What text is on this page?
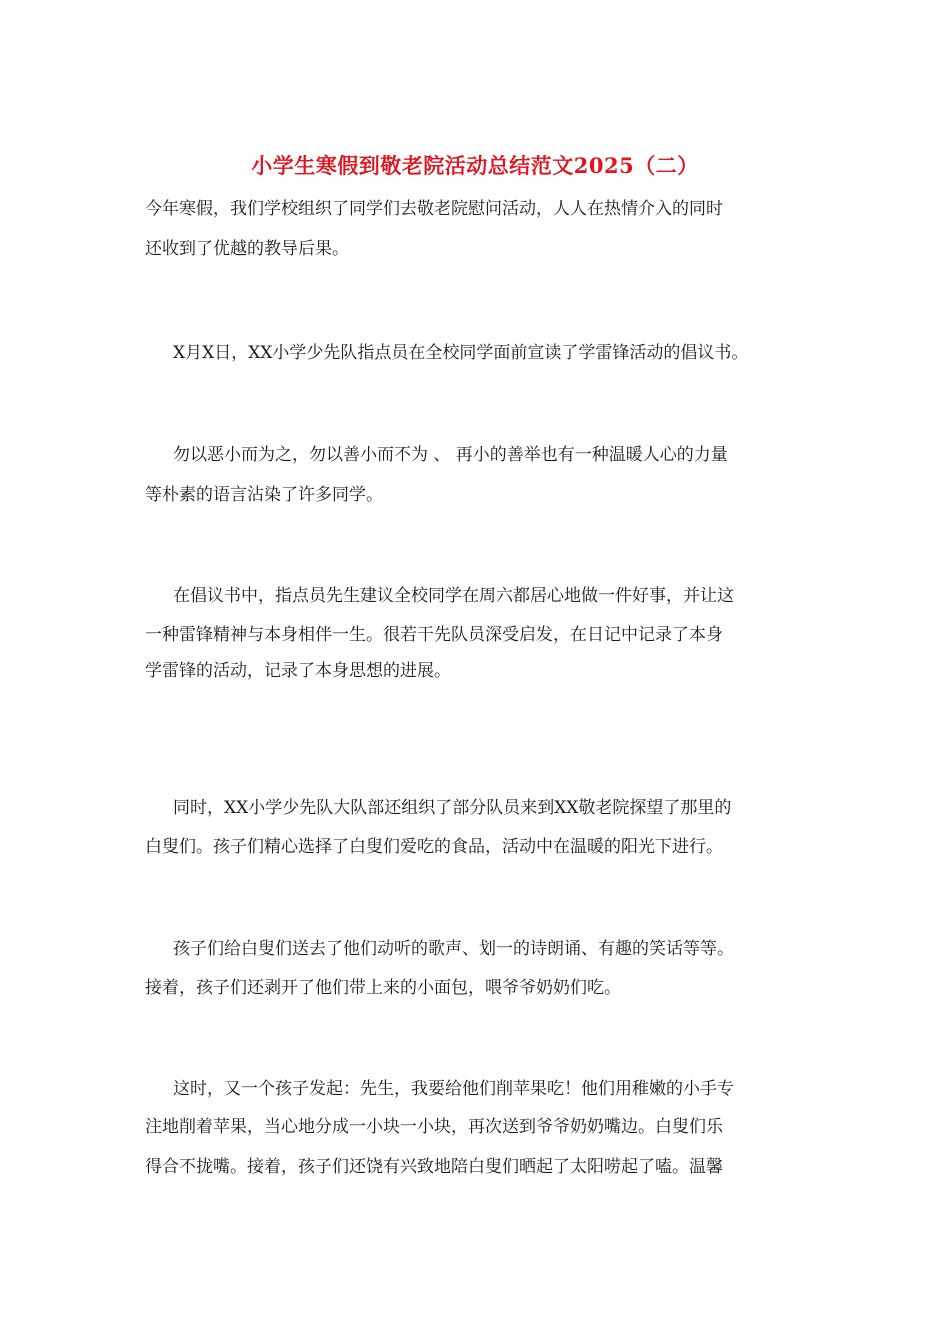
小学生寒假到敬老院活动总结范文2025（二）
今年寒假，我们学校组织了同学们去敬老院慰问活动，人人在热情介入的同时
还收到了优越的教导后果。
X月X日，XX小学少先队指点员在全校同学面前宣读了学雷锋活动的倡议书。
勿以恶小而为之，勿以善小而不为 、 再小的善举也有一种温暖人心的力量
等朴素的语言沾染了许多同学。
在倡议书中，指点员先生建议全校同学在周六都居心地做一件好事，并让这
一种雷锋精神与本身相伴一生。很若干先队员深受启发，在日记中记录了本身
学雷锋的活动，记录了本身思想的进展。
同时，XX小学少先队大队部还组织了部分队员来到XX敬老院探望了那里的
白叟们。孩子们精心选择了白叟们爱吃的食品，活动中在温暖的阳光下进行。
孩子们给白叟们送去了他们动听的歌声、划一的诗朗诵、有趣的笑话等等。
接着，孩子们还剥开了他们带上来的小面包，喂爷爷奶奶们吃。
这时，又一个孩子发起：先生，我要给他们削苹果吃！他们用稚嫩的小手专
注地削着苹果，当心地分成一小块一小块，再次送到爷爷奶奶嘴边。白叟们乐
得合不拢嘴。接着，孩子们还饶有兴致地陪白叟们晒起了太阳唠起了嗑。温馨
